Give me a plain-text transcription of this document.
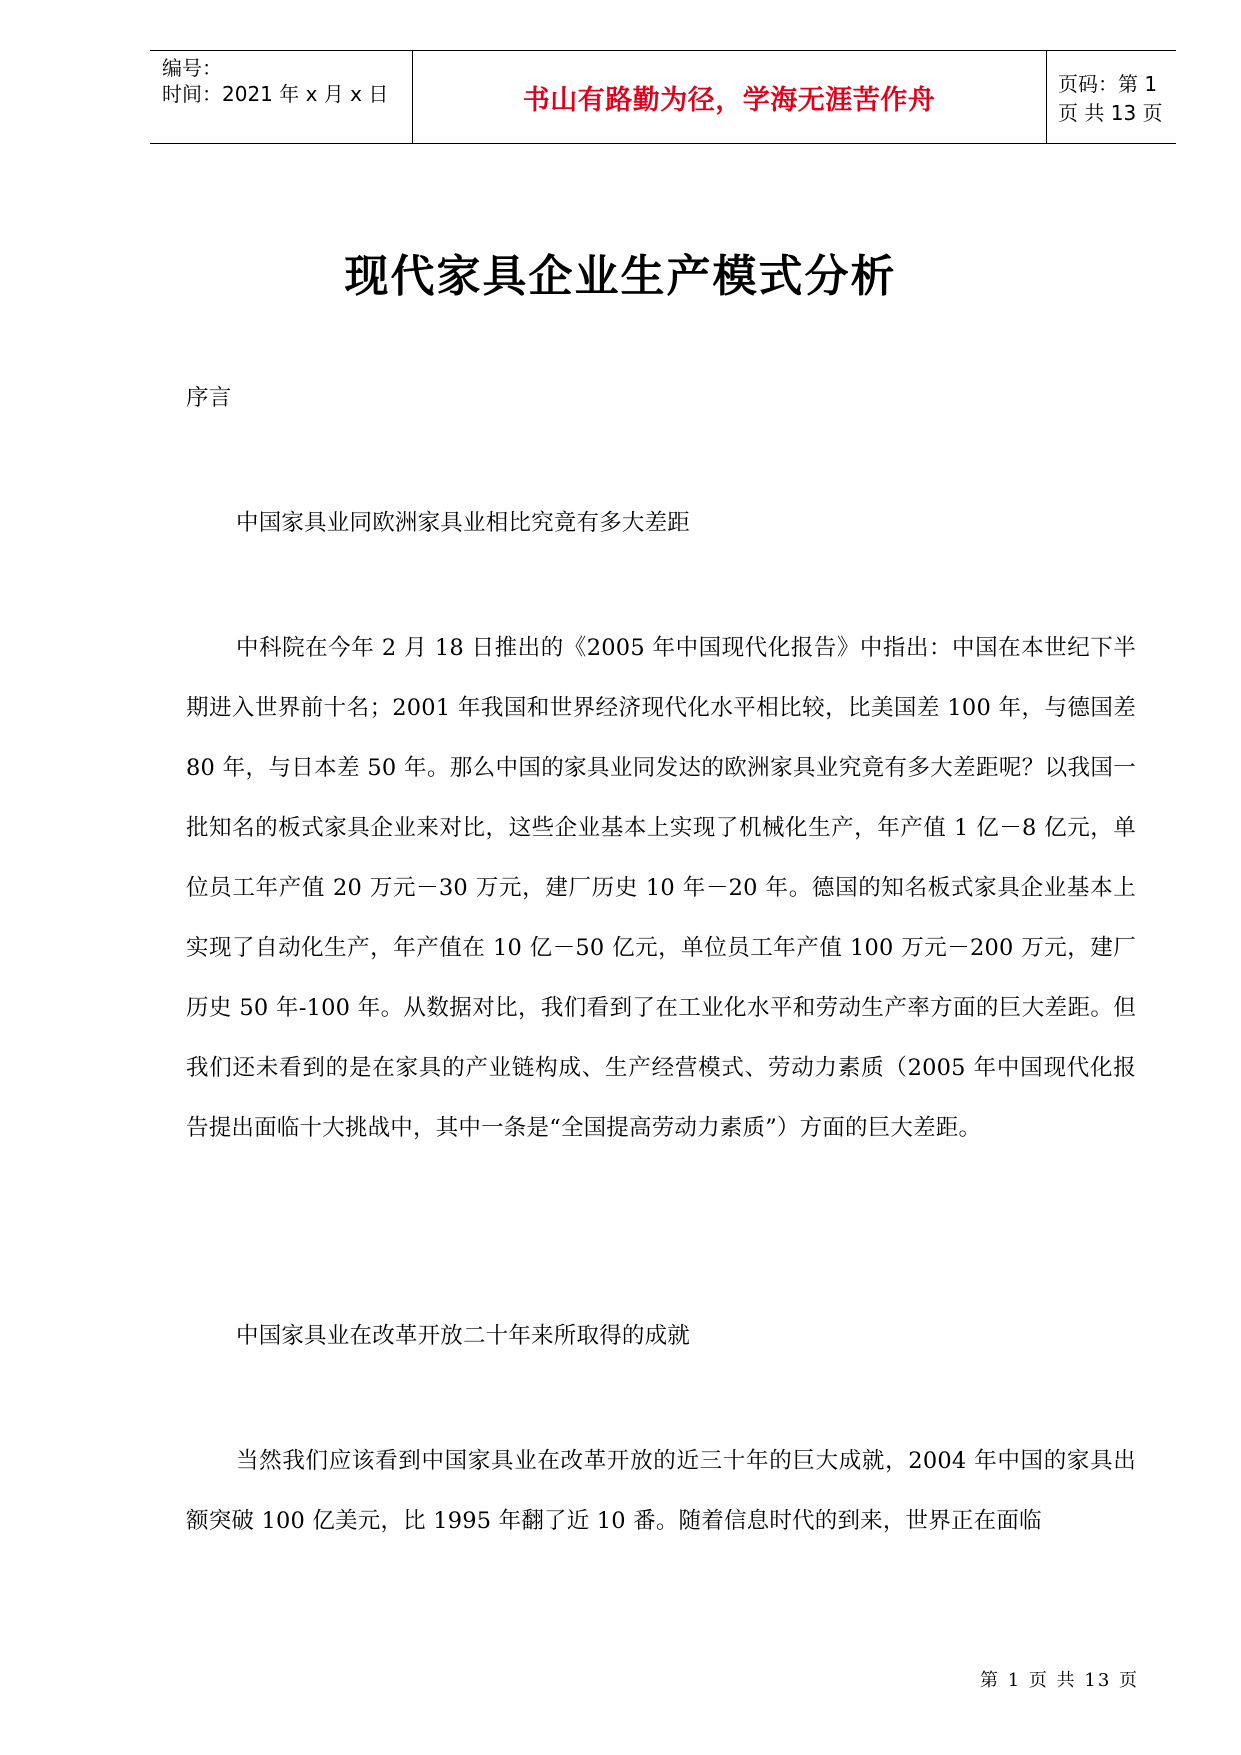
编号：
时间：2021 年 x 月 x 日	书山有路勤为径，学海无涯苦作舟
页码：第 1 页 共 13 页
现代家具企业生产模式分析
序言
中国家具业同欧洲家具业相比究竟有多大差距
中科院在今年 2 月 18 日推出的《2005 年中国现代化报告》中指出：中国在本世纪下半期进入世界前十名；2001 年我国和世界经济现代化水平相比较，比美国差 100 年，与德国差 80 年，与日本差 50 年。那么中国的家具业同发达的欧洲家具业究竟有多大差距呢？以我国一批知名的板式家具企业来对比，这些企业基本上实现了机械化生产，年产值 1 亿－8 亿元，单位员工年产值 20 万元－30 万元，建厂历史 10 年－20 年。德国的知名板式家具企业基本上实现了自动化生产，年产值在 10 亿－50 亿元，单位员工年产值 100 万元－200 万元，建厂历史 50 年-100 年。从数据对比，我们看到了在工业化水平和劳动生产率方面的巨大差距。但我们还未看到的是在家具的产业链构成、生产经营模式、劳动力素质（2005 年中国现代化报告提出面临十大挑战中，其中一条是“全国提高劳动力素质”）方面的巨大差距。
中国家具业在改革开放二十年来所取得的成就
当然我们应该看到中国家具业在改革开放的近三十年的巨大成就，2004 年中国的家具出额突破 100 亿美元，比 1995 年翻了近 10 番。随着信息时代的到来，世界正在面临
第 1 页 共 13 页
